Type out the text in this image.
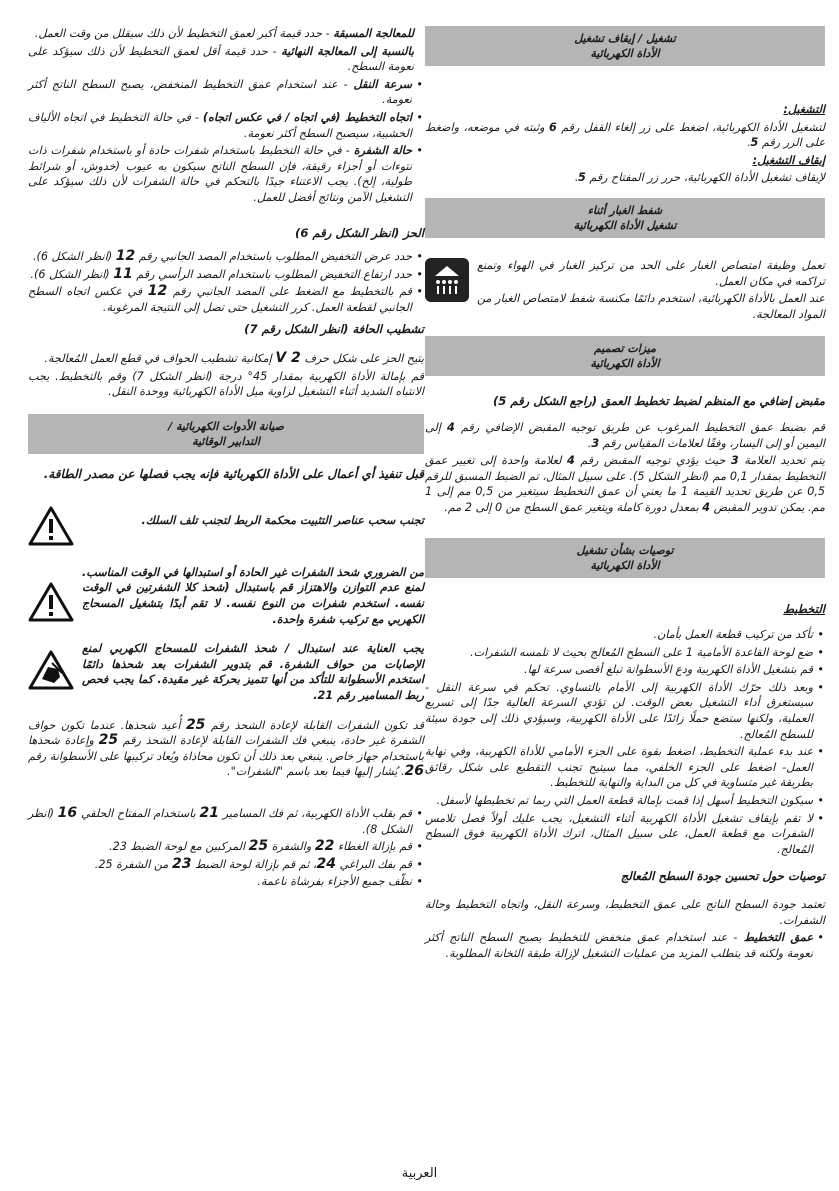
تشغيل / إيقاف تشغيل
الأداة الكهربائية

التشغيل:

لتشغيل الأداة الكهربائية، اضغط على زر إلغاء القفل رقم 6 وثبته في موضعه، واضغط على الزر رقم 5.

إيقاف التشغيل:

لإيقاف تشغيل الأداة الكهربائية، حرر زر المفتاح رقم 5.

شفط الغبار أثناء
تشغيل الأداة الكهربائية

تعمل وظيفة امتصاص الغبار على الحد من تركيز الغبار في الهواء وتمنع تراكمه في مكان العمل.

عند العمل بالأداة الكهربائية، استخدم دائمًا مكنسة شفط لامتصاص الغبار من المواد المعالجة.

ميزات تصميم
الأداة الكهربائية

مقبض إضافي مع المنظم لضبط تخطيط العمق (راجع الشكل رقم 5)

قم بضبط عمق التخطيط المرغوب عن طريق توجيه المقبض الإضافي رقم 4 إلى اليمين أو إلى اليسار، وفقًا لعلامات المقياس رقم 3.

يتم تحديد العلامة 3 حيث يؤدي توجيه المقبض رقم 4 لعلامة واحدة إلى تغيير عمق التخطيط بمقدار 0,1 مم (انظر الشكل 5). على سبيل المثال، تم الضبط المسبق للرقم 0,5 عن طريق تحديد القيمة 1 ما يعني أن عمق التخطيط سيتغير من 0,5 مم إلى 1 مم. يمكن تدوير المقبض 4 بمعدل دورة كاملة ويتغير عمق السطح من 0 إلى 2 مم.

توصيات بشأن تشغيل
الأداة الكهربائية

التخطيط

• تأكد من تركيب قطعة العمل بأمان.
• ضع لوحة القاعدة الأمامية 1 على السطح المُعالج بحيث لا تلمسه الشفرات.
• قم بتشغيل الأداة الكهربية ودع الأسطوانة تبلغ أقصى سرعة لها.
• وبعد ذلك حرّك الأداة الكهربية إلى الأمام بالتساوي. تحكم في سرعة النقل - سيستغرق أداء التشغيل بعض الوقت. لن تؤدي السرعة العالية جدًا إلى تسريع العملية، ولكنها ستضع حملًا زائدًا على الأداة الكهربية، وسيؤدي ذلك إلى جودة سيئة للسطح المُعالج.
• عند بدء عملية التخطيط، اضغط بقوة على الجزء الأمامي للأداة الكهربية، وفي نهاية العمل- اضغط على الجزء الخلفي، مما سيتيح تجنب التقطيع على شكل رقائق بطريقة غير متساوية في كل من البداية والنهاية للتخطيط.
• سيكون التخطيط أسهل إذا قمت بإمالة قطعة العمل التي ربما تم تخطيطها لأسفل.
• لا تقم بإيقاف تشغيل الأداة الكهربية أثناء التشغيل، يجب عليك أولاً فصل تلامس الشفرات مع قطعة العمل، على سبيل المثال، اترك الأداة الكهربية فوق السطح المُعالج.

توصيات حول تحسين جودة السطح المُعالج

تعتمد جودة السطح الناتج على عمق التخطيط، وسرعة النقل، واتجاه التخطيط وحالة الشفرات.

• عمق التخطيط - عند استخدام عمق منخفض للتخطيط يصبح السطح الناتج أكثر نعومة ولكنه قد يتطلب المزيد من عمليات التشغيل لإزالة طبقة الثخانة المطلوبة.

للمعالجة المسبقة - حدد قيمة أكبر لعمق التخطيط لأن ذلك سيقلل من وقت العمل.

بالنسبة إلى المعالجة النهائية - حدد قيمة أقل لعمق التخطيط لأن ذلك سيؤكد على نعومة السطح.

• سرعة النقل - عند استخدام عمق التخطيط المنخفض، يصبح السطح الناتج أكثر نعومة.
• اتجاه التخطيط (في اتجاه / في عكس اتجاه) - في حالة التخطيط في اتجاه الألياف الخشبية، سيصبح السطح أكثر نعومة.
• حالة الشفرة - في حالة التخطيط باستخدام شفرات حادة أو باستخدام شفرات ذات نتوءات أو أجزاء رقيقة، فإن السطح الناتج سيكون به عيوب (خدوش، أو شرائط طولية، إلخ). يجب الاعتناء جيدًا بالتحكم في حالة الشفرات لأن ذلك سيؤكد على التشغيل الآمن ونتائج أفضل للعمل.

الحز (انظر الشكل رقم 6)

• حدد عرض التخفيض المطلوب باستخدام المصد الجانبي رقم 12 (انظر الشكل 6).
• حدد ارتفاع التخفيض المطلوب باستخدام المصد الرأسي رقم 11 (انظر الشكل 6).
• قم بالتخطيط مع الضغط على المصد الجانبي رقم 12 في عكس اتجاه السطح الجانبي لقطعة العمل. كرر التشغيل حتى تصل إلى النتيجة المرغوبة.

تشطيب الحافة (انظر الشكل رقم 7)

يتيح الحز على شكل حرف 2 V إمكانية تشطيب الحواف في قطع العمل المُعالجة.

قم بإمالة الأداة الكهربية بمقدار 45° درجة (انظر الشكل 7) وقم بالتخطيط. يجب الانتباه الشديد أثناء التشغيل لزاوية ميل الأداة الكهربائية ووحدة النقل.

صيانة الأدوات الكهربائية /
التدابير الوقائية

قبل تنفيذ أي أعمال على الأداة الكهربائية فإنه يجب فصلها عن مصدر الطاقة.

تجنب سحب عناصر التثبيت محكمة الربط لتجنب تلف السلك.
من الضروري شحذ الشفرات غير الحادة أو استبدالها في الوقت المناسب. لمنع عدم التوازن والاهتزاز قم باستبدال (شحذ كلا الشفرتين في الوقت نفسه. استخدم شفرات من النوع نفسه. لا تقم أبدًا بتشغيل المسحاج الكهربي مع تركيب شفرة واحدة.
يجب العناية عند استبدال / شحذ الشفرات للمسحاج الكهربي لمنع الإصابات من حواف الشفرة. قم بتدوير الشفرات بعد شحذها دائمًا استخدم الأسطوانة للتأكد من أنها تتميز بحركة غير مقيدة. كما يجب فحص ربط المسامير رقم 21.

قد تكون الشفرات القابلة لإعادة الشحذ رقم 25 أُعيد شحذها. عندما تكون حواف الشفرة غير حادة، ينبغي فك الشفرات القابلة لإعادة الشحذ رقم 25 وإعادة شحذها باستخدام جهاز خاص. ينبغي بعد ذلك أن تكون محاذاة ويُعاد تركيبها على الأسطوانة رقم 26. يُشار إليها فيما بعد باسم "الشفرات".

• قم بقلب الأداة الكهربية، ثم فك المسامير 21 باستخدام المفتاح الحلقي 16 (انظر الشكل 8).
• قم بإزالة الغطاء 22 والشفرة 25 المركبين مع لوحة الضبط 23.
• قم بفك البراغي 24، ثم قم بإزالة لوحة الضبط 23 من الشفرة 25.
• نظّف جميع الأجزاء بفرشاة ناعمة.
العربية
